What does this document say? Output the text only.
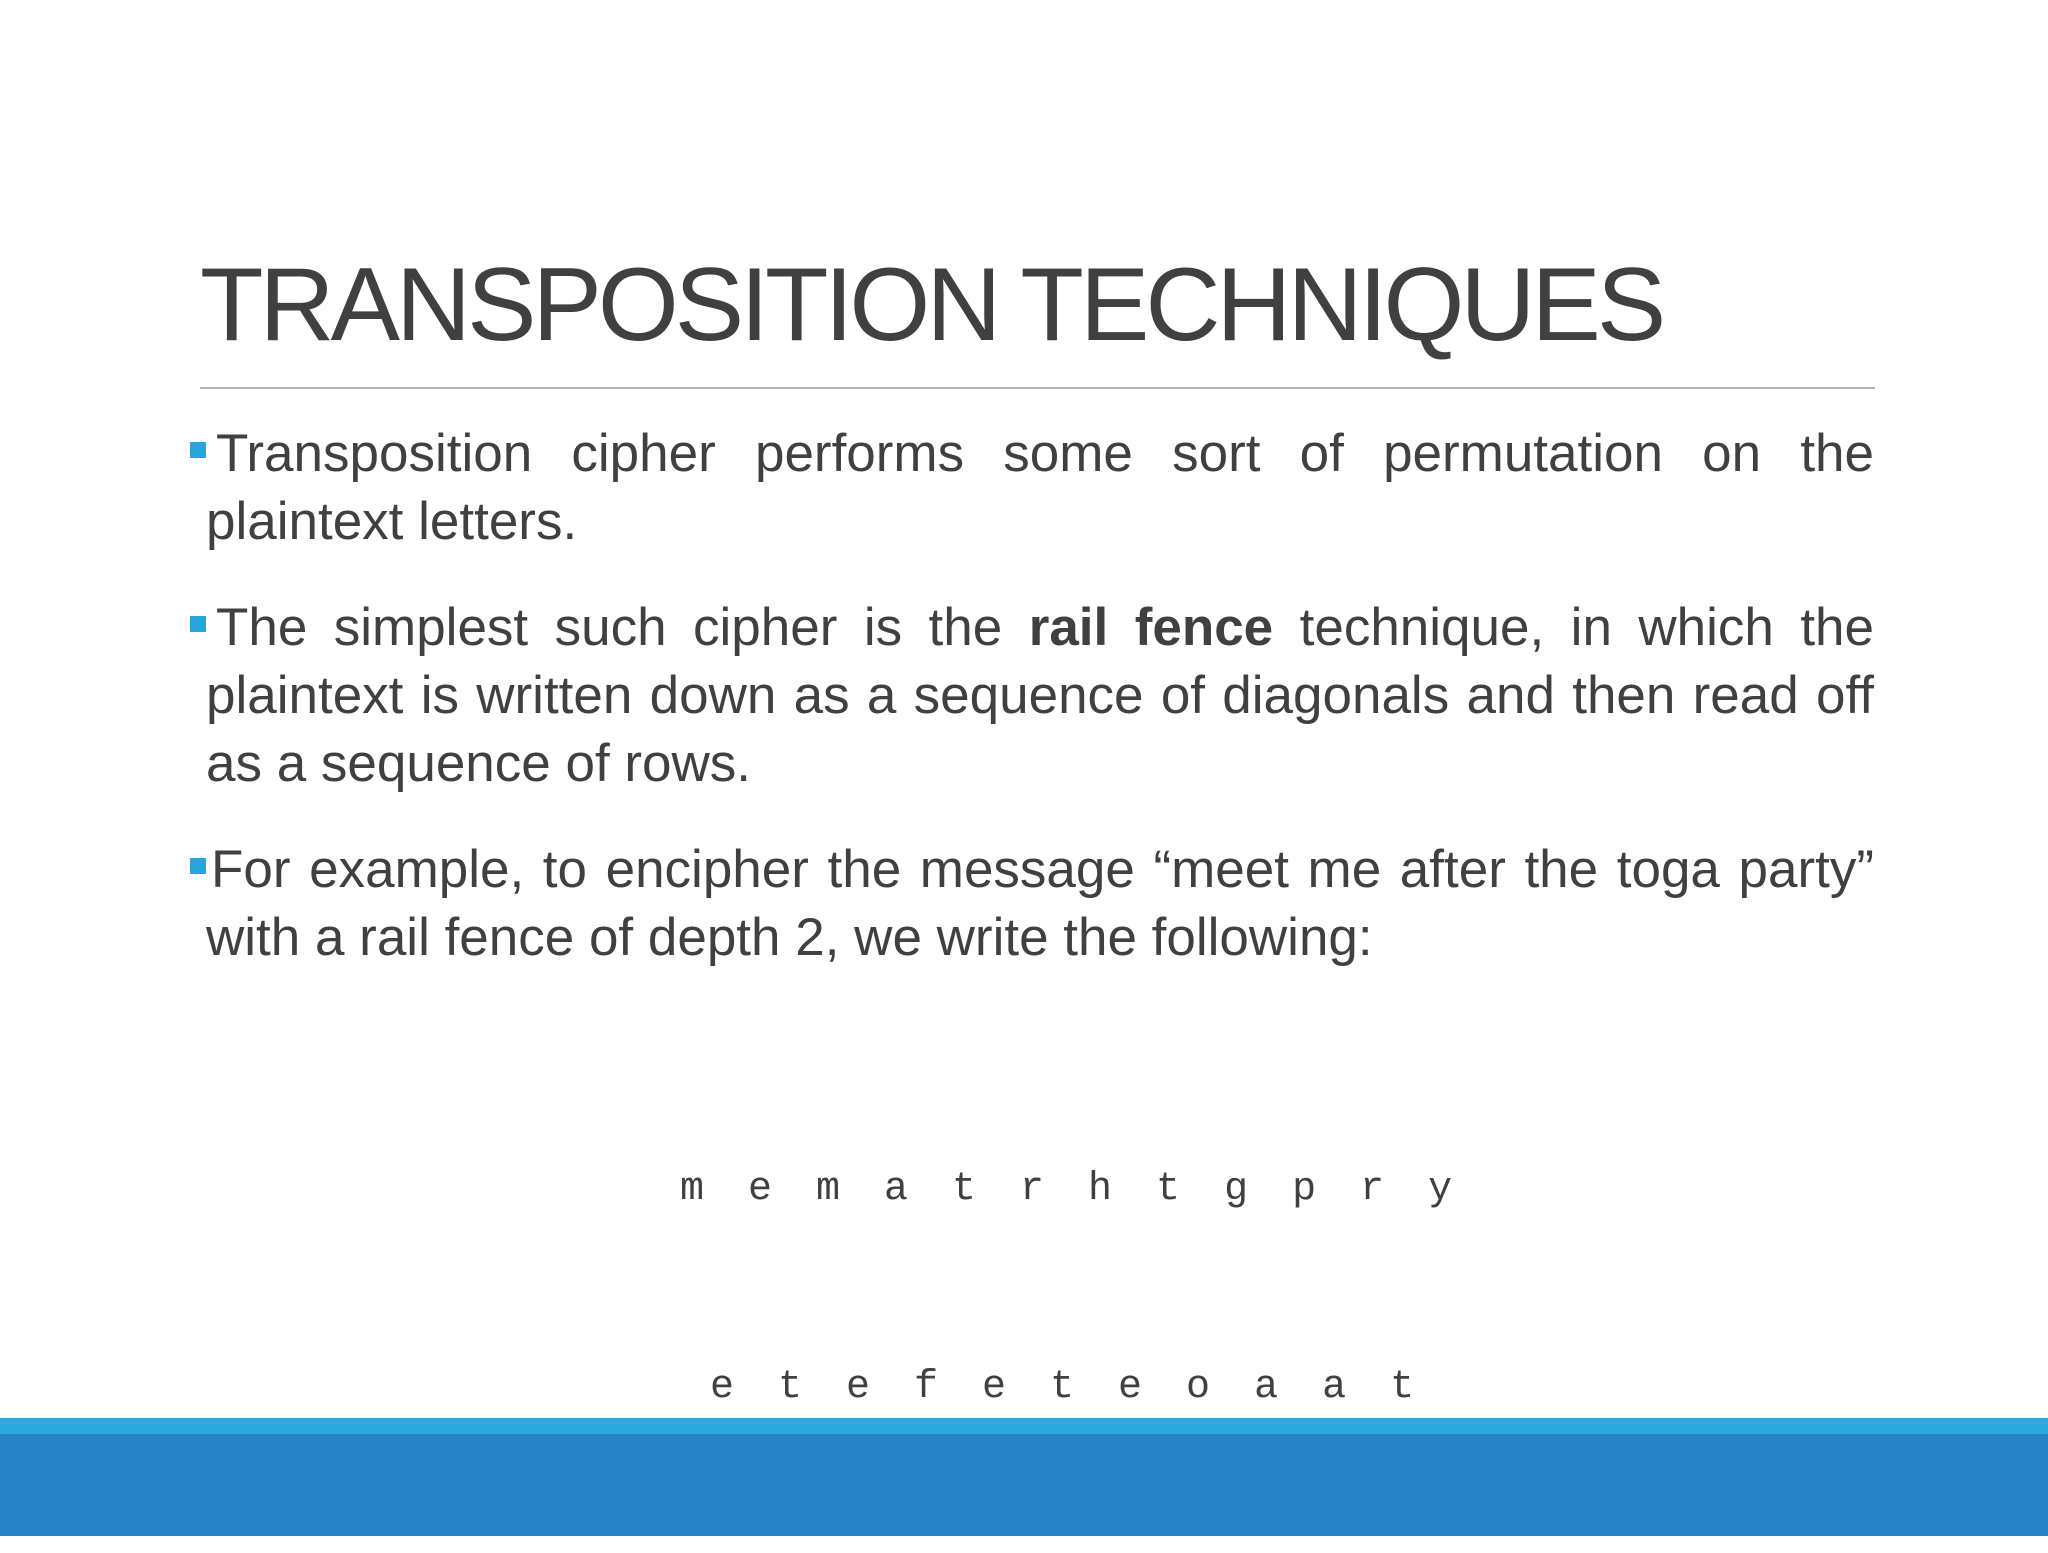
TRANSPOSITION TECHNIQUES
Transposition cipher performs some sort of permutation on the plaintext letters.
The simplest such cipher is the rail fence technique, in which the plaintext is written down as a sequence of diagonals and then read off as a sequence of rows.
For example, to encipher the message “meet me after the toga party” with a rail fence of depth 2, we write the following:

m e m a t r h t g p r y

e t e f e t e o a a t
